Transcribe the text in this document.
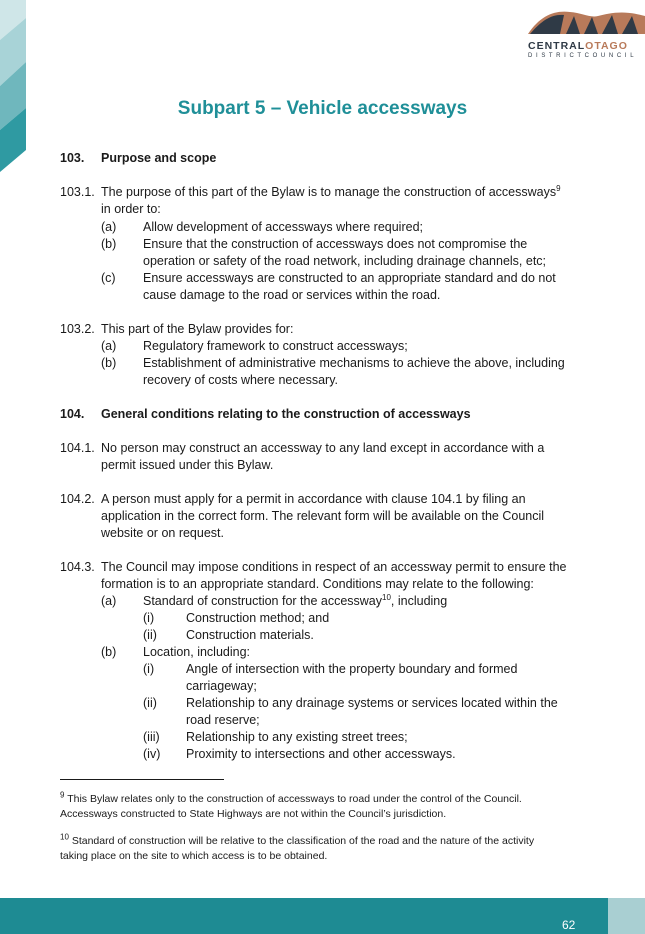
CENTRALOTAGO
D I S T R I C T C O U N C I L
Subpart 5 – Vehicle accessways
103. Purpose and scope
103.1. The purpose of this part of the Bylaw is to manage the construction of accessways$^9$
in order to:
(a) Allow development of accessways where required;
(b) Ensure that the construction of accessways does not compromise the
operation or safety of the road network, including drainage channels, etc;
(c) Ensure accessways are constructed to an appropriate standard and do not
cause damage to the road or services within the road.
103.2. This part of the Bylaw provides for:
(a) Regulatory framework to construct accessways;
(b) Establishment of administrative mechanisms to achieve the above, including
recovery of costs where necessary.
104. General conditions relating to the construction of accessways
104.1. No person may construct an accessway to any land except in accordance with a
permit issued under this Bylaw.
104.2. A person must apply for a permit in accordance with clause 104.1 by filing an
application in the correct form. The relevant form will be available on the Council
website or on request.
104.3. The Council may impose conditions in respect of an accessway permit to ensure the
formation is to an appropriate standard. Conditions may relate to the following:
(a) Standard of construction for the accessway$^{10}$, including
(i)	Construction method; and
(ii) Construction materials.
(b) Location, including:
(i)	Angle of intersection with the property boundary and formed
carriageway;
(ii) Relationship to any drainage systems or services located within the
road reserve;
(iii) Relationship to any existing street trees;
(iv) Proximity to intersections and other accessways.
$^9$ This Bylaw relates only to the construction of accessways to road under the control of the Council.
Accessways constructed to State Highways are not within the Council’s jurisdiction.
$^{10}$ Standard of construction will be relative to the classification of the road and the nature of the activity
taking place on the site to which access is to be obtained.
62
